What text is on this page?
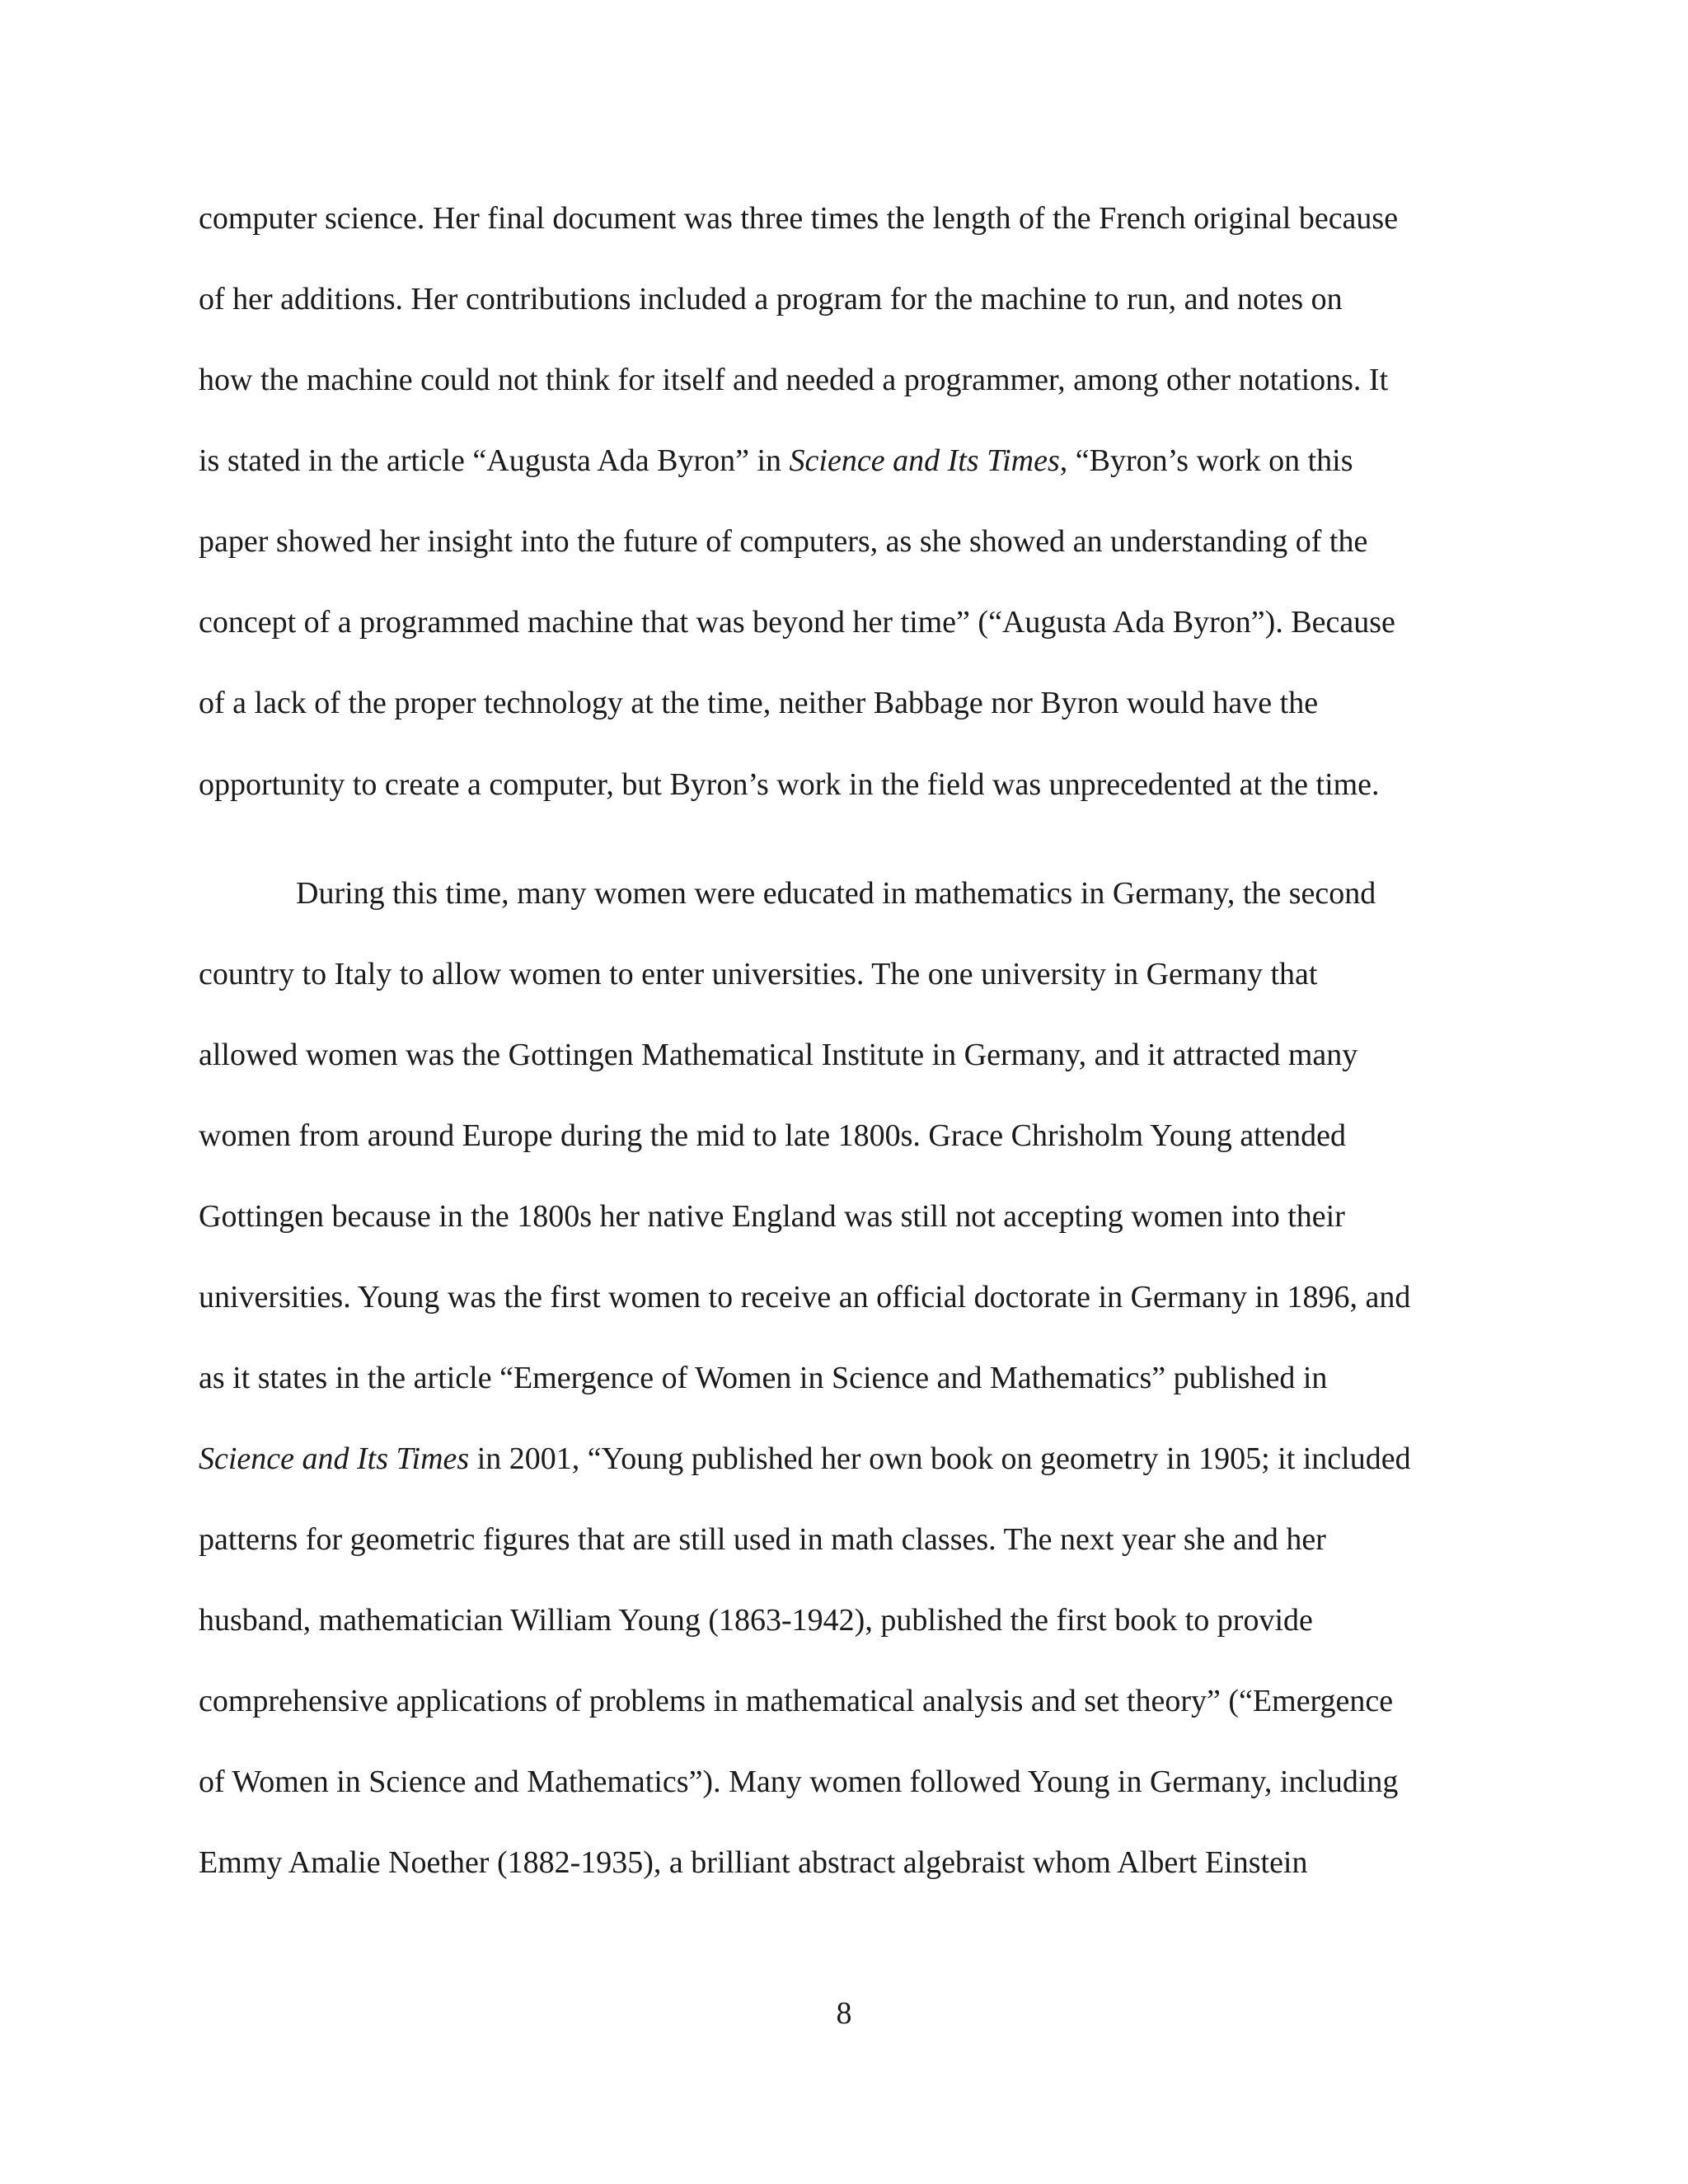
computer science. Her final document was three times the length of the French original because
of her additions. Her contributions included a program for the machine to run, and notes on
how the machine could not think for itself and needed a programmer, among other notations. It
is stated in the article “Augusta Ada Byron” in Science and Its Times, “Byron’s work on this
paper showed her insight into the future of computers, as she showed an understanding of the
concept of a programmed machine that was beyond her time” (“Augusta Ada Byron”). Because
of a lack of the proper technology at the time, neither Babbage nor Byron would have the
opportunity to create a computer, but Byron’s work in the field was unprecedented at the time.
During this time, many women were educated in mathematics in Germany, the second
country to Italy to allow women to enter universities. The one university in Germany that
allowed women was the Gottingen Mathematical Institute in Germany, and it attracted many
women from around Europe during the mid to late 1800s. Grace Chrisholm Young attended
Gottingen because in the 1800s her native England was still not accepting women into their
universities. Young was the first women to receive an official doctorate in Germany in 1896, and
as it states in the article “Emergence of Women in Science and Mathematics” published in
Science and Its Times in 2001, “Young published her own book on geometry in 1905; it included
patterns for geometric figures that are still used in math classes. The next year she and her
husband, mathematician William Young (1863-1942), published the first book to provide
comprehensive applications of problems in mathematical analysis and set theory” (“Emergence
of Women in Science and Mathematics”). Many women followed Young in Germany, including
Emmy Amalie Noether (1882-1935), a brilliant abstract algebraist whom Albert Einstein
8
